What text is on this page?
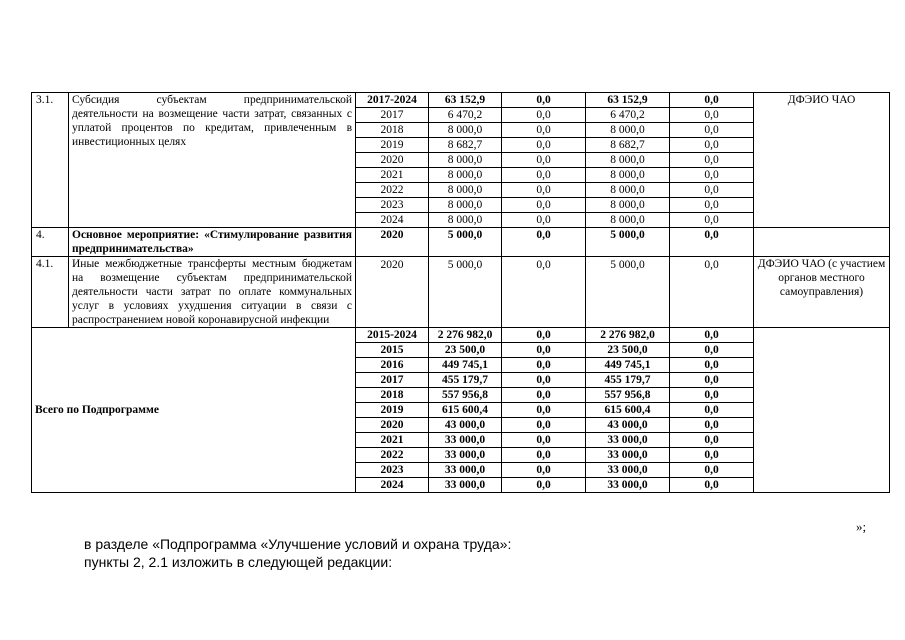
3.1.	Субсидия субъектам предпринимательской деятельности на возмещение части затрат, связанных с уплатой процентов по кредитам, привлеченным в инвестиционных целях	2017-2024	63 152,9	0,0	63 152,9	0,0	ДФЭИО ЧАО
		2017	6 470,2	0,0	6 470,2	0,0	
		2018	8 000,0	0,0	8 000,0	0,0	
		2019	8 682,7	0,0	8 682,7	0,0	
		2020	8 000,0	0,0	8 000,0	0,0	
		2021	8 000,0	0,0	8 000,0	0,0	
		2022	8 000,0	0,0	8 000,0	0,0	
		2023	8 000,0	0,0	8 000,0	0,0	
		2024	8 000,0	0,0	8 000,0	0,0	
4.	Основное мероприятие: «Стимулирование развития предпринимательства»	2020	5 000,0	0,0	5 000,0	0,0	
4.1.	Иные межбюджетные трансферты местным бюджетам на возмещение субъектам предпринимательской деятельности части затрат по оплате коммунальных услуг в условиях ухудшения ситуации в связи с распространением новой коронавирусной инфекции	2020	5 000,0	0,0	5 000,0	0,0	ДФЭИО ЧАО (с участием органов местного самоуправления)
Всего по Подпрограмме		2015-2024	2 276 982,0	0,0	2 276 982,0	0,0	
		2015	23 500,0	0,0	23 500,0	0,0	
		2016	449 745,1	0,0	449 745,1	0,0	
		2017	455 179,7	0,0	455 179,7	0,0	
		2018	557 956,8	0,0	557 956,8	0,0	
		2019	615 600,4	0,0	615 600,4	0,0	
		2020	43 000,0	0,0	43 000,0	0,0	
		2021	33 000,0	0,0	33 000,0	0,0	
		2022	33 000,0	0,0	33 000,0	0,0	
		2023	33 000,0	0,0	33 000,0	0,0	
		2024	33 000,0	0,0	33 000,0	0,0	
»;
в разделе «Подпрограмма «Улучшение условий и охрана труда»:
пункты 2, 2.1 изложить в следующей редакции:
